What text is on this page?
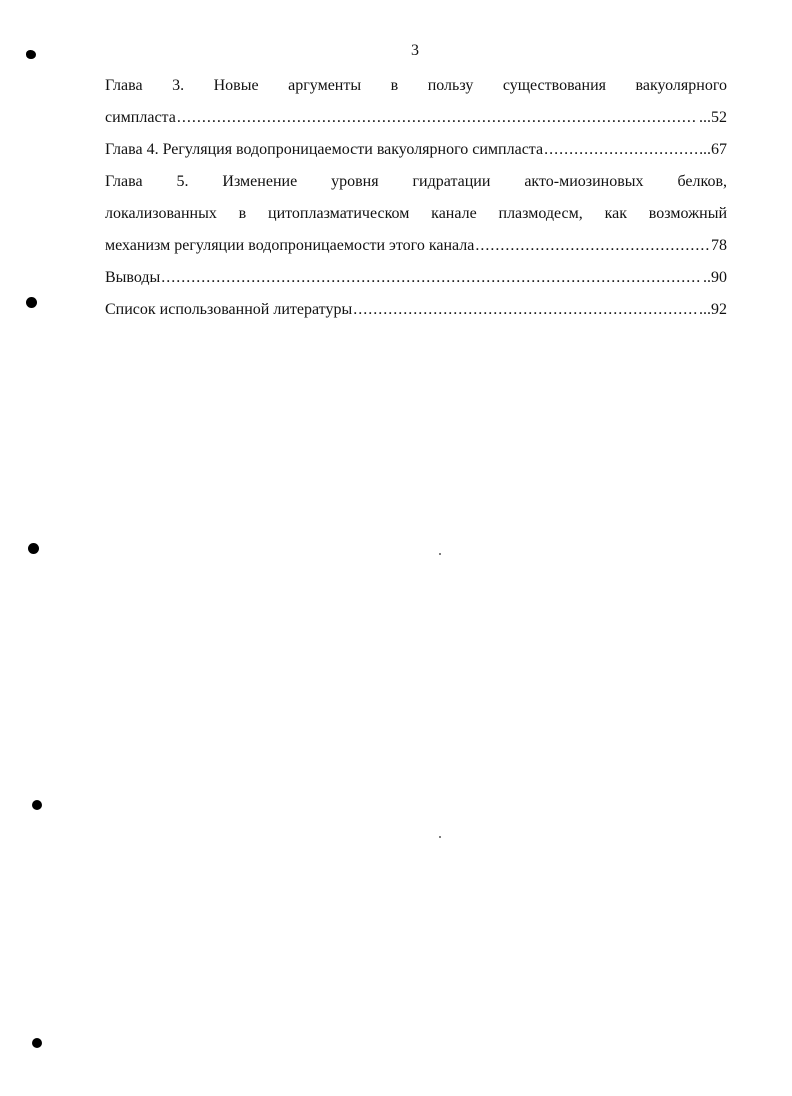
3
Глава 3. Новые аргументы в пользу существования вакуолярного
симпласта .....	...52
Глава 4. Регуляция водопроницаемости вакуолярного симпласта .....	..67
Глава 5. Изменение уровня гидратации акто-миозиновых белков,
локализованных в цитоплазматическом канале плазмодесм, как возможный
механизм регуляции водопроницаемости этого канала .....	78
Выводы .....	..90
Список использованной литературы .....	...92
